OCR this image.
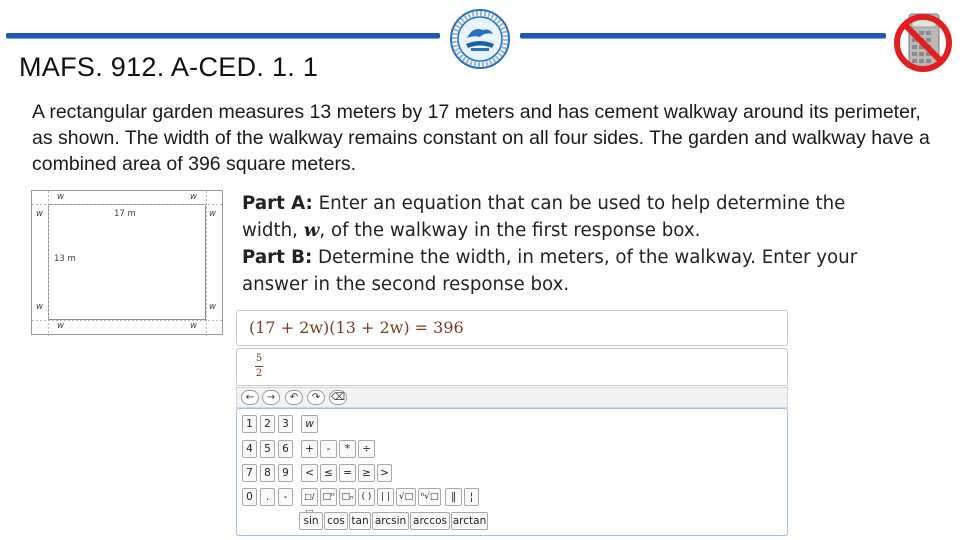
MAFS. 912. A-CED. 1. 1
A rectangular garden measures 13 meters by 17 meters and has cement walkway around its perimeter, as shown. The width of the walkway remains constant on all four sides. The garden and walkway have a combined area of 396 square meters.
w	w
w	w
17 m
13 m
w	w
w	w
Part A: Enter an equation that can be used to help determine the width, w, of the walkway in the first response box.
Part B: Determine the width, in meters, of the walkway. Enter your answer in the second response box.
(17 + 2w)(13 + 2w) = 396
5
2
←	→	↶	↷	⌫
1	2	3	w
4	5	6	+	-	*	÷
7	8	9	< ≤ = ≥ >
0	.	-	□/ □ⁿ □ₙ ( )	| | √□ ⁿ√□	∥	¦
sin cos tan arcsin arccos arctan
